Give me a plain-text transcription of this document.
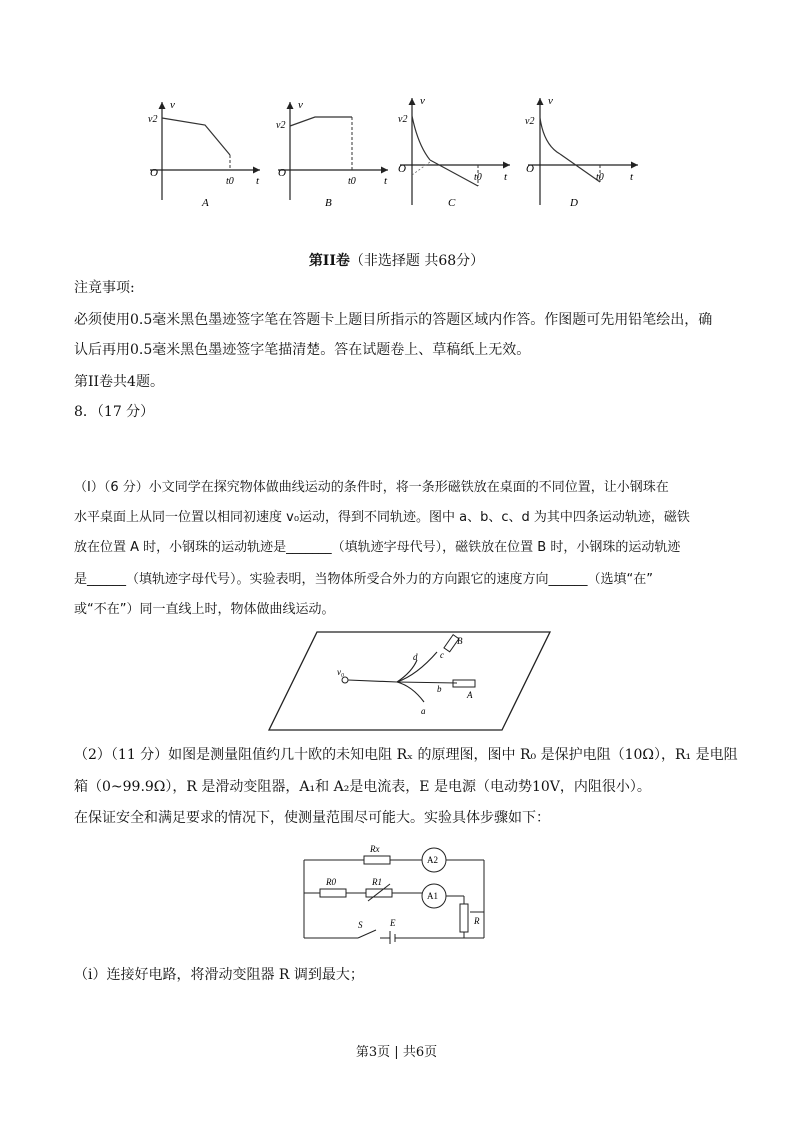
v
v2
O
t0 t
A
v
v2
O
t0	t
B
v
v2
O
t0 t
C
v
v2
O
t0 t
D
第II卷（非选择题 共68分）
注竟事项:
必须使用0.5毫米黑色墨迹签字笔在答题卡上题目所指示的答题区域内作答。作图题可先用铅笔绘出，确
认后再用0.5毫米黑色墨迹签字笔描清楚。答在试题卷上、草稿纸上无效。
第II卷共4题。
8．（17 分）
（I）（6 分）小文同学在探究物体做曲线运动的条件时，将一条形磁铁放在桌面的不同位置，让小钢珠在
水平桌面上从同一位置以相同初速度 v₀运动，得到不同轨迹。图中 a、b、c、d 为其中四条运动轨迹，磁铁
放在位置 A 时，小钢珠的运动轨迹是_______（填轨迹字母代号），磁铁放在位置 B 时，小钢珠的运动轨迹
是______（填轨迹字母代号）。实验表明，当物体所受合外力的方向跟它的速度方向______（选填“在”
或“不在”）同一直线上时，物体做曲线运动。
v₀
a
b
c
d
A
B
（2）（11 分）如图是测量阻值约几十欧的未知电阻 Rₓ 的原理图，图中 R₀ 是保护电阻（10Ω），R₁ 是电阻
箱（0~99.9Ω），R 是滑动变阻器，A₁和 A₂是电流表，E 是电源（电动势10V，内阻很小）。
在保证安全和满足要求的情况下，使测量范围尽可能大。实验具体步骤如下：
Rx
R0	R1
A2
A1
R
S	E
（i）连接好电路，将滑动变阻器 R 调到最大；
第3页 | 共6页
